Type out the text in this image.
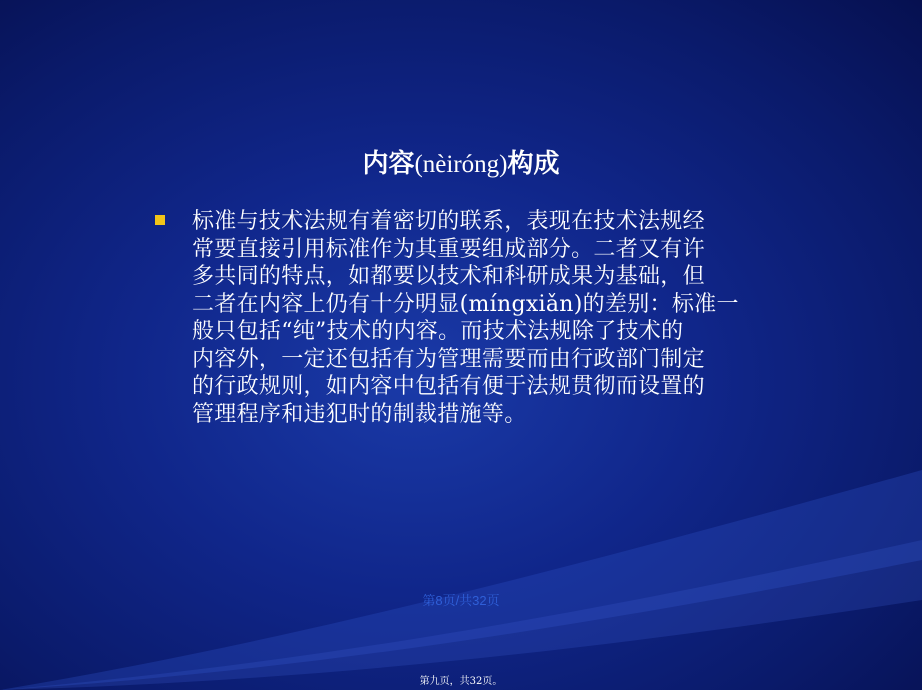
内容(nèiróng)构成
标准与技术法规有着密切的联系，表现在技术法规经
常要直接引用标准作为其重要组成部分。二者又有许
多共同的特点，如都要以技术和科研成果为基础，但
二者在内容上仍有十分明显(míngxiǎn)的差别：标准一
般只包括“纯”技术的内容。而技术法规除了技术的
内容外，一定还包括有为管理需要而由行政部门制定
的行政规则，如内容中包括有便于法规贯彻而设置的
管理程序和违犯时的制裁措施等。
第8页/共32页
第九页，共32页。
